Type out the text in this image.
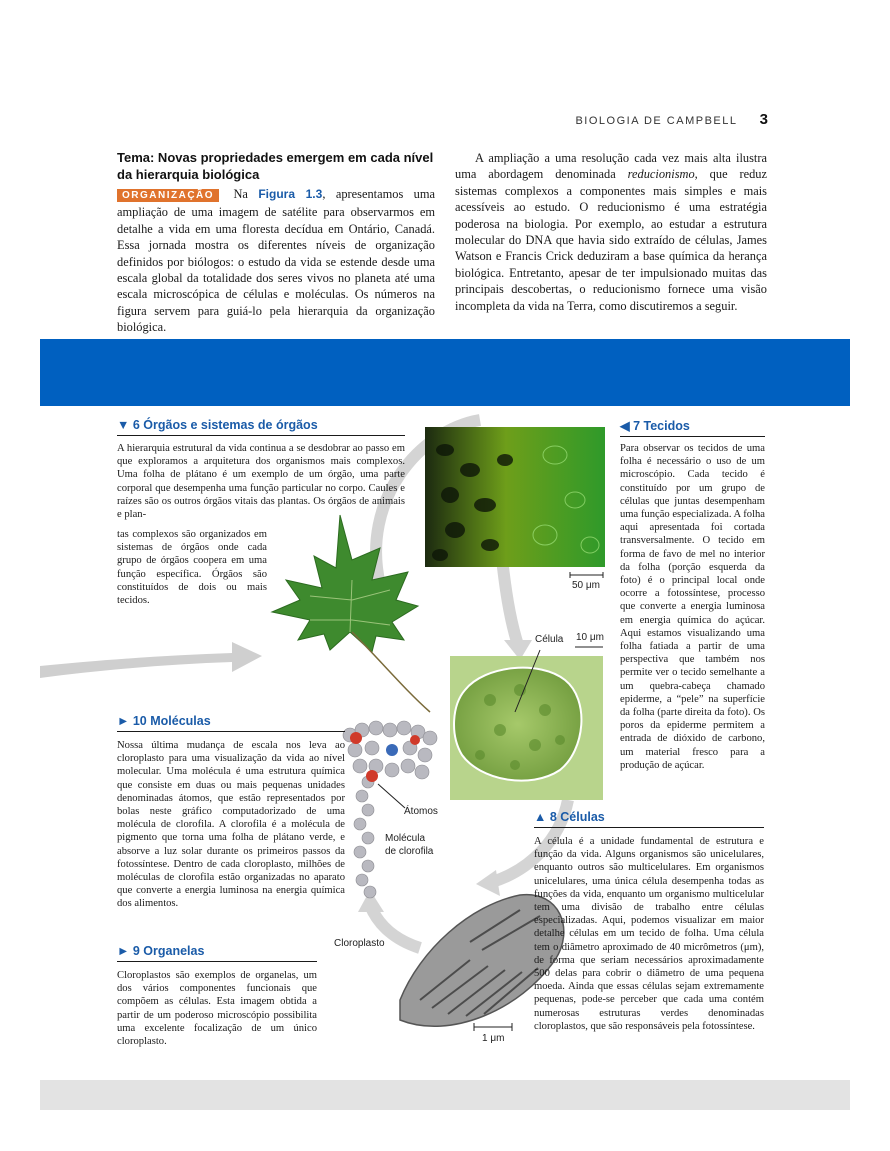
BIOLOGIA DE CAMPBELL 3
Tema: Novas propriedades emergem em cada nível da hierarquia biológica
ORGANIZAÇÃO Na Figura 1.3, apresentamos uma ampliação de uma imagem de satélite para observarmos em detalhe a vida em uma floresta decídua em Ontário, Canadá. Essa jornada mostra os diferentes níveis de organização definidos por biólogos: o estudo da vida se estende desde uma escala global da totalidade dos seres vivos no planeta até uma escala microscópica de células e moléculas. Os números na figura servem para guiá-lo pela hierarquia da organização biológica.

A ampliação a uma resolução cada vez mais alta ilustra uma abordagem denominada reducionismo, que reduz sistemas complexos a componentes mais simples e mais acessíveis ao estudo. O reducionismo é uma estratégia poderosa na biologia. Por exemplo, ao estudar a estrutura molecular do DNA que havia sido extraído de células, James Watson e Francis Crick deduziram a base química da herança biológica. Entretanto, apesar de ter impulsionado muitas das principais descobertas, o reducionismo fornece uma visão incompleta da vida na Terra, como discutiremos a seguir.

▼ 6 Órgãos e sistemas de órgãos
A hierarquia estrutural da vida continua a se desdobrar ao passo em que exploramos a arquitetura dos organismos mais complexos. Uma folha de plátano é um exemplo de um órgão, uma parte corporal que desempenha uma função particular no corpo. Caules e raízes são os outros órgãos vitais das plantas. Os órgãos de animais e plan-
tas complexos são organizados em sistemas de órgãos onde cada grupo de órgãos coopera em uma função específica. Órgãos são constituídos de dois ou mais tecidos.
◀ 7 Tecidos
Para observar os tecidos de uma folha é necessário o uso de um microscópio. Cada tecido é constituído por um grupo de células que juntas desempenham uma função especializada. A folha aqui apresentada foi cortada transversalmente. O tecido em forma de favo de mel no interior da folha (porção esquerda da foto) é o principal local onde ocorre a fotossíntese, processo que converte a energia luminosa em energia química do açúcar. Aqui estamos visualizando uma folha fatiada a partir de uma perspectiva que também nos permite ver o tecido semelhante a um quebra-cabeça chamado epiderme, a “pele” na superfície da folha (parte direita da foto). Os poros da epiderme permitem a entrada de dióxido de carbono, um material fresco para a produção de açúcar.
► 10 Moléculas
Nossa última mudança de escala nos leva ao cloroplasto para uma visualização da vida ao nível molecular. Uma molécula é uma estrutura química que consiste em duas ou mais pequenas unidades denominadas átomos, que estão representados por bolas neste gráfico computadorizado de uma molécula de clorofila. A clorofila é a molécula de pigmento que torna uma folha de plátano verde, e absorve a luz solar durante os primeiros passos da fotossíntese. Dentro de cada cloroplasto, milhões de moléculas de clorofila estão organizadas no aparato que converte a energia luminosa na energia química dos alimentos.
► 9 Organelas
Cloroplastos são exemplos de organelas, um dos vários componentes funcionais que compõem as células. Esta imagem obtida a partir de um poderoso microscópio possibilita uma excelente focalização de um único cloroplasto.
▲ 8 Células
A célula é a unidade fundamental de estrutura e função da vida. Alguns organismos são unicelulares, enquanto outros são multicelulares. Em organismos unicelulares, uma única célula desempenha todas as funções da vida, enquanto um organismo multicelular tem uma divisão de trabalho entre células especializadas. Aqui, podemos visualizar em maior detalhe células em um tecido de folha. Uma célula tem o diâmetro aproximado de 40 micrômetros (μm), de forma que seriam necessários aproximadamente 500 delas para cobrir o diâmetro de uma pequena moeda. Ainda que essas células sejam extremamente pequenas, pode-se perceber que cada uma contém numerosas estruturas verdes denominadas cloroplastos, que são responsáveis pela fotossíntese.
50 μm
10 μm
Célula
Átomos
Molécula
de clorofila
Cloroplasto
1 μm
